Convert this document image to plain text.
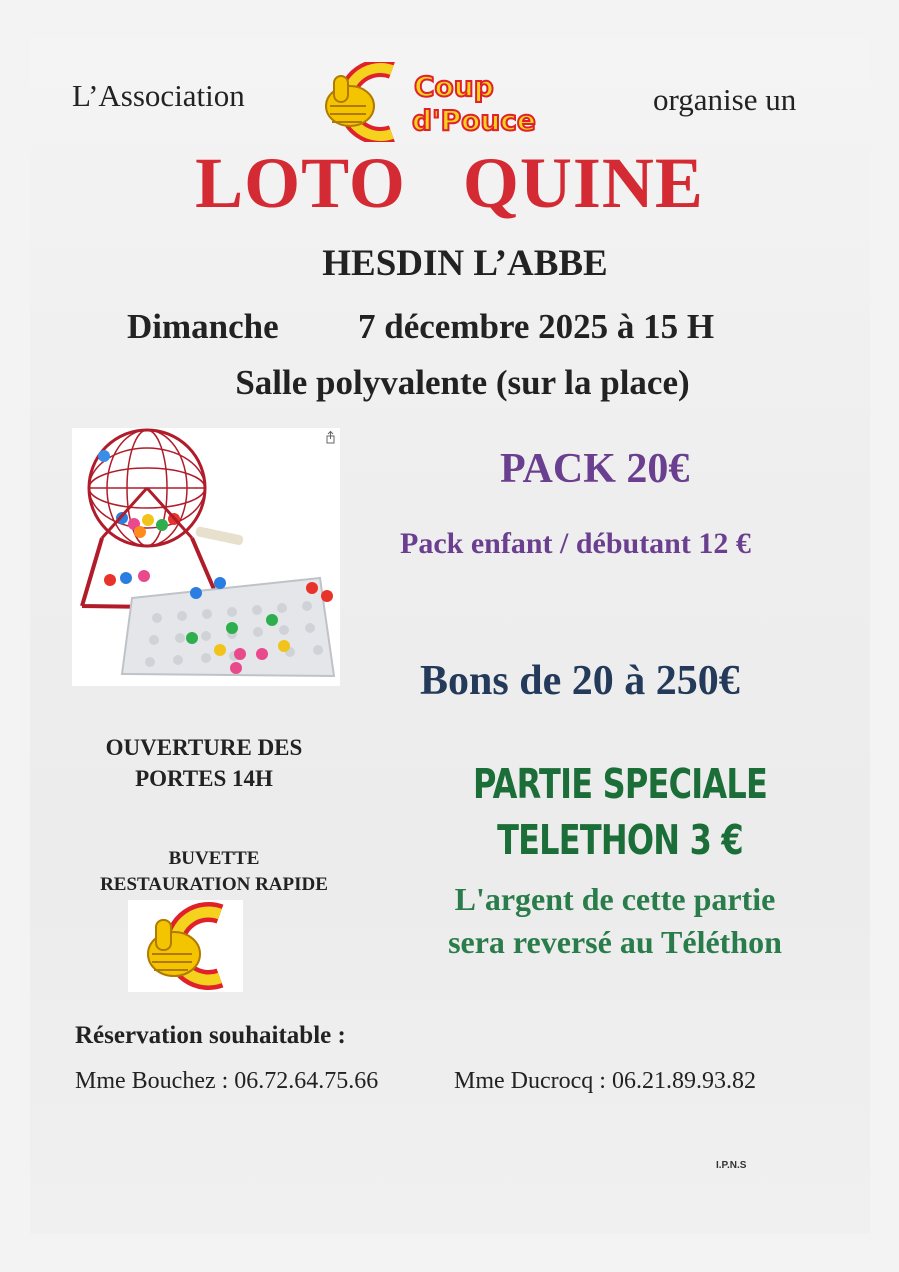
L’Association	organise un
Coup
d'Pouce
LOTO QUINE
HESDIN L’ABBE
Dimanche 7 décembre 2025 à 15 H
Salle polyvalente (sur la place)
PACK 20€
Pack enfant / débutant 12 €
Bons de 20 à 250€
OUVERTURE DES PORTES 14H	PARTIE SPECIALE
TELETHON 3 €
L'argent de cette partie
sera reversé au Téléthon
BUVETTE
RESTAURATION RAPIDE
Réservation souhaitable :
Mme Bouchez : 06.72.64.75.66	Mme Ducrocq : 06.21.89.93.82
I.P.N.S
